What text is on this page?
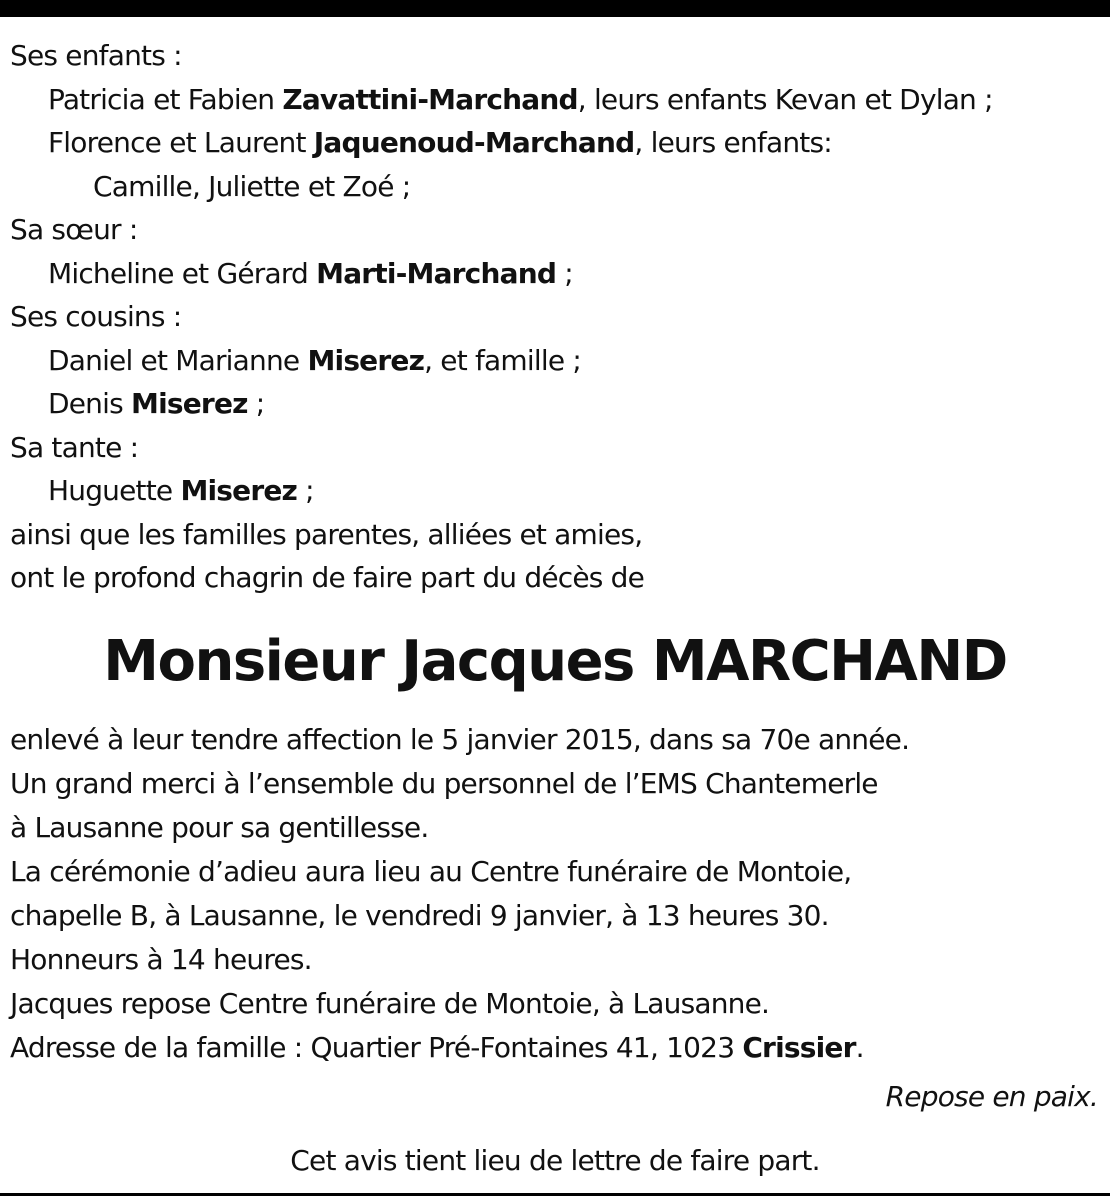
Ses enfants :
Patricia et Fabien Zavattini-Marchand, leurs enfants Kevan et Dylan ;
Florence et Laurent Jaquenoud-Marchand, leurs enfants:
Camille, Juliette et Zoé ;
Sa sœur :
Micheline et Gérard Marti-Marchand ;
Ses cousins :
Daniel et Marianne Miserez, et famille ;
Denis Miserez ;
Sa tante :
Huguette Miserez ;
ainsi que les familles parentes, alliées et amies,
ont le profond chagrin de faire part du décès de
Monsieur Jacques MARCHAND
enlevé à leur tendre affection le 5 janvier 2015, dans sa 70e année.
Un grand merci à l’ensemble du personnel de l’EMS Chantemerle
à Lausanne pour sa gentillesse.
La cérémonie d’adieu aura lieu au Centre funéraire de Montoie,
chapelle B, à Lausanne, le vendredi 9 janvier, à 13 heures 30.
Honneurs à 14 heures.
Jacques repose Centre funéraire de Montoie, à Lausanne.
Adresse de la famille : Quartier Pré-Fontaines 41, 1023 Crissier.
Repose en paix.
Cet avis tient lieu de lettre de faire part.
